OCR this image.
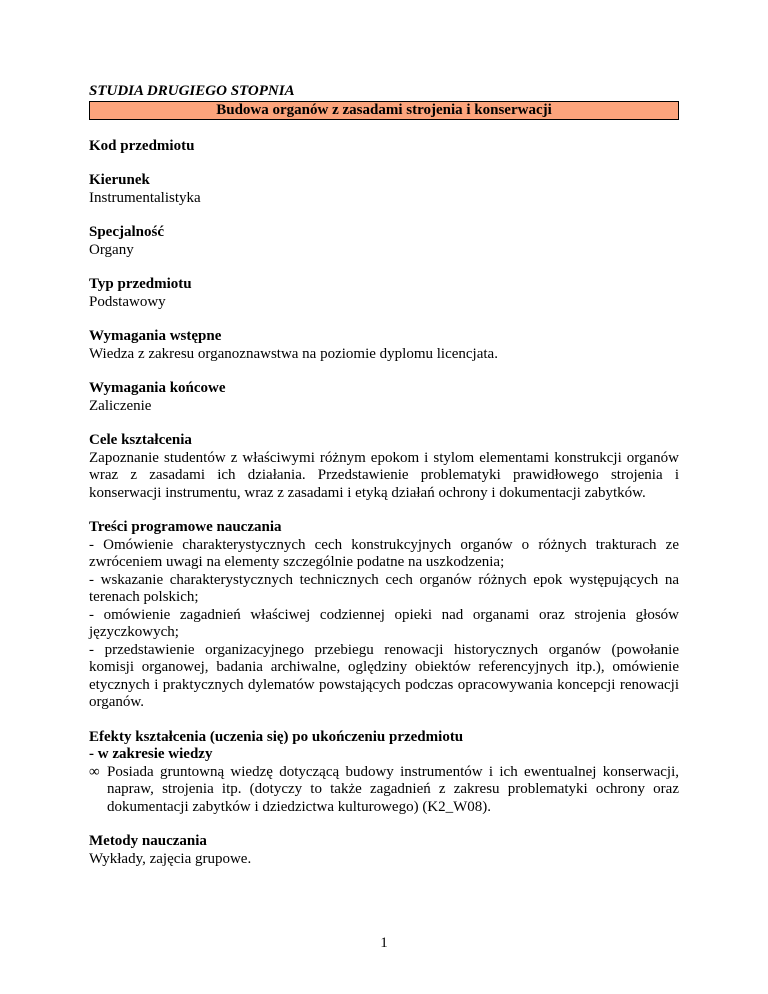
STUDIA DRUGIEGO STOPNIA

Budowa organów z zasadami strojenia i konserwacji

Kod przedmiotu

Kierunek

Instrumentalistyka

Specjalność

Organy

Typ przedmiotu

Podstawowy

Wymagania wstępne

Wiedza z zakresu organoznawstwa na poziomie dyplomu licencjata.

Wymagania końcowe

Zaliczenie

Cele kształcenia

Zapoznanie studentów z właściwymi różnym epokom i stylom elementami konstrukcji organów wraz z zasadami ich działania. Przedstawienie problematyki prawidłowego strojenia i konserwacji instrumentu, wraz z zasadami i etyką działań ochrony i dokumentacji zabytków.

Treści programowe nauczania

- Omówienie charakterystycznych cech konstrukcyjnych organów o różnych trakturach ze zwróceniem uwagi na elementy szczególnie podatne na uszkodzenia;

- wskazanie charakterystycznych technicznych cech organów różnych epok występujących na terenach polskich;

- omówienie zagadnień właściwej codziennej opieki nad organami oraz strojenia głosów języczkowych;

- przedstawienie organizacyjnego przebiegu renowacji historycznych organów (powołanie komisji organowej, badania archiwalne, oględziny obiektów referencyjnych itp.), omówienie etycznych i praktycznych dylematów powstających podczas opracowywania koncepcji renowacji organów.

Efekty kształcenia (uczenia się) po ukończeniu przedmiotu

- w zakresie wiedzy

∞ Posiada gruntowną wiedzę dotyczącą budowy instrumentów i ich ewentualnej konserwacji, napraw, strojenia itp. (dotyczy to także zagadnień z zakresu problematyki ochrony oraz dokumentacji zabytków i dziedzictwa kulturowego) (K2_W08).

Metody nauczania

Wykłady, zajęcia grupowe.

1
